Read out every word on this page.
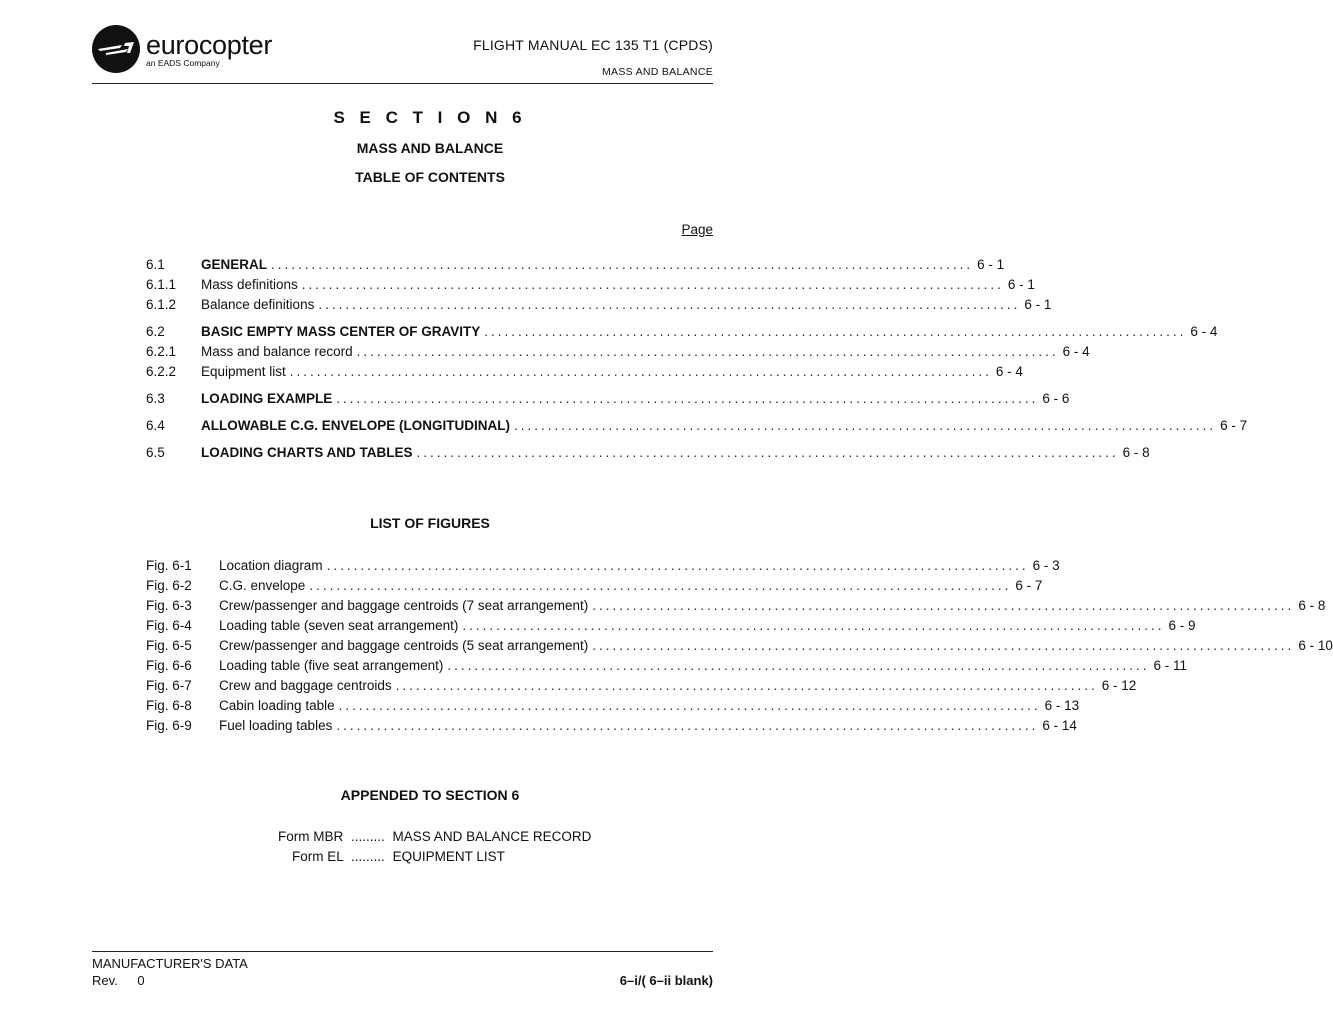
eurocopter
an EADS Company
FLIGHT MANUAL EC 135 T1 (CPDS)
MASS AND BALANCE
S E C T I O N 6
MASS AND BALANCE
TABLE OF CONTENTS
Page
6.1	GENERAL ........................................................................................................ 6 - 1
6.1.1	Mass definitions ........................................................................................................ 6 - 1
6.1.2	Balance definitions ........................................................................................................ 6 - 1
6.2	BASIC EMPTY MASS CENTER OF GRAVITY ........................................................................................................ 6 - 4
6.2.1	Mass and balance record ........................................................................................................ 6 - 4
6.2.2	Equipment list ........................................................................................................ 6 - 4
6.3	LOADING EXAMPLE ........................................................................................................ 6 - 6
6.4	ALLOWABLE C.G. ENVELOPE (LONGITUDINAL) ........................................................................................................ 6 - 7
6.5	LOADING CHARTS AND TABLES ........................................................................................................ 6 - 8
LIST OF FIGURES
Fig. 6-1	Location diagram ........................................................................................................ 6 - 3
Fig. 6-2	C.G. envelope ........................................................................................................ 6 - 7
Fig. 6-3	Crew/passenger and baggage centroids (7 seat arrangement) ........................................................................................................ 6 - 8
Fig. 6-4	Loading table (seven seat arrangement) ........................................................................................................ 6 - 9
Fig. 6-5	Crew/passenger and baggage centroids (5 seat arrangement) ........................................................................................................ 6 - 10
Fig. 6-6	Loading table (five seat arrangement) ........................................................................................................ 6 - 11
Fig. 6-7	Crew and baggage centroids ........................................................................................................ 6 - 12
Fig. 6-8	Cabin loading table ........................................................................................................ 6 - 13
Fig. 6-9	Fuel loading tables ........................................................................................................ 6 - 14
APPENDED TO SECTION 6
Form MBR ......... MASS AND BALANCE RECORD
Form EL ......... EQUIPMENT LIST
MANUFACTURER'S DATA
Rev. 0	6–i/( 6–ii blank)
